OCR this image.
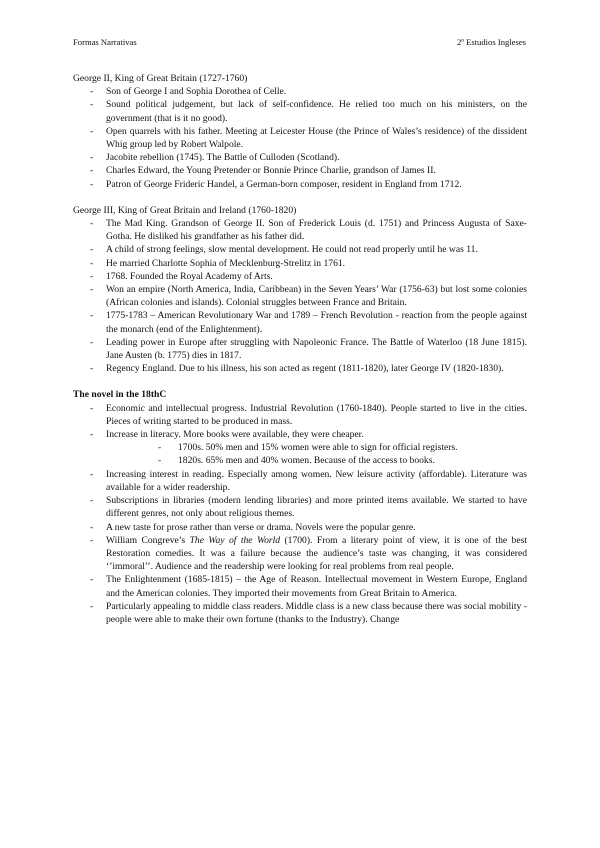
Formas Narrativas	2º Estudios Ingleses

George II, King of Great Britain (1727-1760)

- Son of George I and Sophia Dorothea of Celle.
- Sound political judgement, but lack of self-confidence. He relied too much on his ministers, on the government (that is it no good).
- Open quarrels with his father. Meeting at Leicester House (the Prince of Wales’s residence) of the dissident Whig group led by Robert Walpole.
- Jacobite rebellion (1745). The Battle of Culloden (Scotland).
- Charles Edward, the Young Pretender or Bonnie Prince Charlie, grandson of James II.
- Patron of George Frideric Handel, a German-born composer, resident in England from 1712.

George III, King of Great Britain and Ireland (1760-1820)

- The Mad King. Grandson of George II. Son of Frederick Louis (d. 1751) and Princess Augusta of Saxe-Gotha. He disliked his grandfather as his father did.
- A child of strong feelings, slow mental development. He could not read properly until he was 11.
- He married Charlotte Sophia of Mecklenburg-Strelitz in 1761.
- 1768. Founded the Royal Academy of Arts.
- Won an empire (North America, India, Caribbean) in the Seven Years’ War (1756-63) but lost some colonies (African colonies and islands). Colonial struggles between France and Britain.
- 1775-1783 – American Revolutionary War and 1789 – French Revolution - reaction from the people against the monarch (end of the Enlightenment).
- Leading power in Europe after struggling with Napoleonic France. The Battle of Waterloo (18 June 1815). Jane Austen (b. 1775) dies in 1817.
- Regency England. Due to his illness, his son acted as regent (1811-1820), later George IV (1820-1830).

The novel in the 18thC

- Economic and intellectual progress. Industrial Revolution (1760-1840). People started to live in the cities. Pieces of writing started to be produced in mass.
- Increase in literacy. More books were available, they were cheaper.
- 1700s. 50% men and 15% women were able to sign for official registers.
- 1820s. 65% men and 40% women. Because of the access to books.
- Increasing interest in reading. Especially among women. New leisure activity (affordable). Literature was available for a wider readership.
- Subscriptions in libraries (modern lending libraries) and more printed items available. We started to have different genres, not only about religious themes.
- A new taste for prose rather than verse or drama. Novels were the popular genre.
- William Congreve’s The Way of the World (1700). From a literary point of view, it is one of the best Restoration comedies. It was a failure because the audience’s taste was changing, it was considered ‘’immoral’’. Audience and the readership were looking for real problems from real people.
- The Enlightenment (1685-1815) – the Age of Reason. Intellectual movement in Western Europe, England and the American colonies. They imported their movements from Great Britain to America.
- Particularly appealing to middle class readers. Middle class is a new class because there was social mobility - people were able to make their own fortune (thanks to the Industry). Change
